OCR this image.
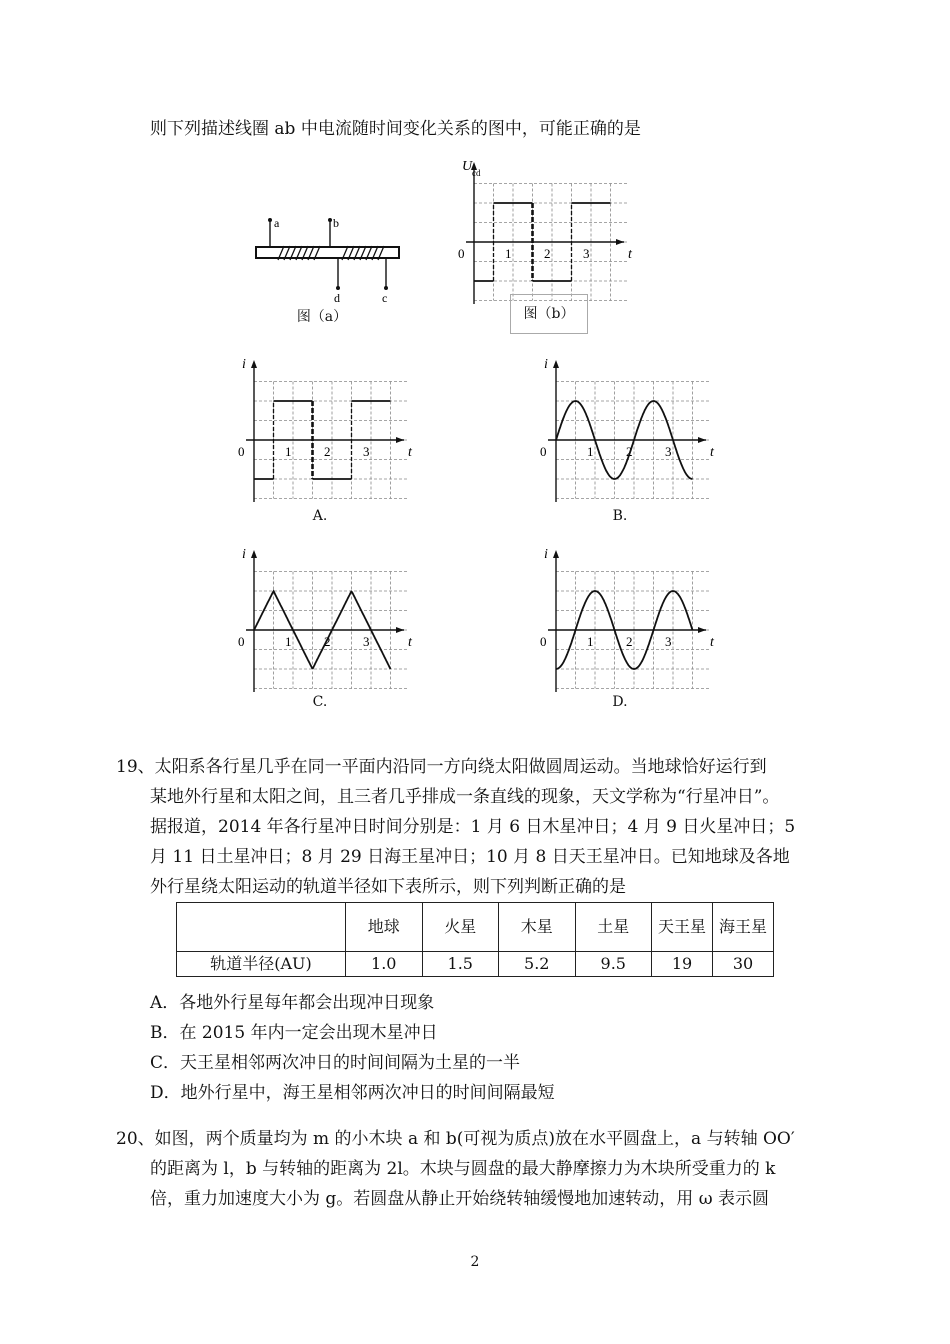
则下列描述线圈 ab 中电流随时间变化关系的图中，可能正确的是
a	b
d	c
图（a）
U cd
t
0	1	2	3
图（b）
i
t
0	1	2	3
i
t
0	1	2	3
i
t
0	1	2	3
i
t
0	1	2	3
A.	B.
C.	D.
19、太阳系各行星几乎在同一平面内沿同一方向绕太阳做圆周运动。当地球恰好运行到
某地外行星和太阳之间，且三者几乎排成一条直线的现象，天文学称为“行星冲日”。
据报道，2014 年各行星冲日时间分别是：1 月 6 日木星冲日；4 月 9 日火星冲日；5
月 11 日土星冲日；8 月 29 日海王星冲日；10 月 8 日天王星冲日。已知地球及各地
外行星绕太阳运动的轨道半径如下表所示，则下列判断正确的是
	地球	火星	木星	土星	天王星	海王星
轨道半径(AU)	1.0	1.5	5.2	9.5	19	30
A．各地外行星每年都会出现冲日现象
B．在 2015 年内一定会出现木星冲日
C．天王星相邻两次冲日的时间间隔为土星的一半
D．地外行星中，海王星相邻两次冲日的时间间隔最短
20、如图，两个质量均为 m 的小木块 a 和 b(可视为质点)放在水平圆盘上，a 与转轴 OO′
的距离为 l，b 与转轴的距离为 2l。木块与圆盘的最大静摩擦力为木块所受重力的 k
倍，重力加速度大小为 g。若圆盘从静止开始绕转轴缓慢地加速转动，用 ω 表示圆
2
